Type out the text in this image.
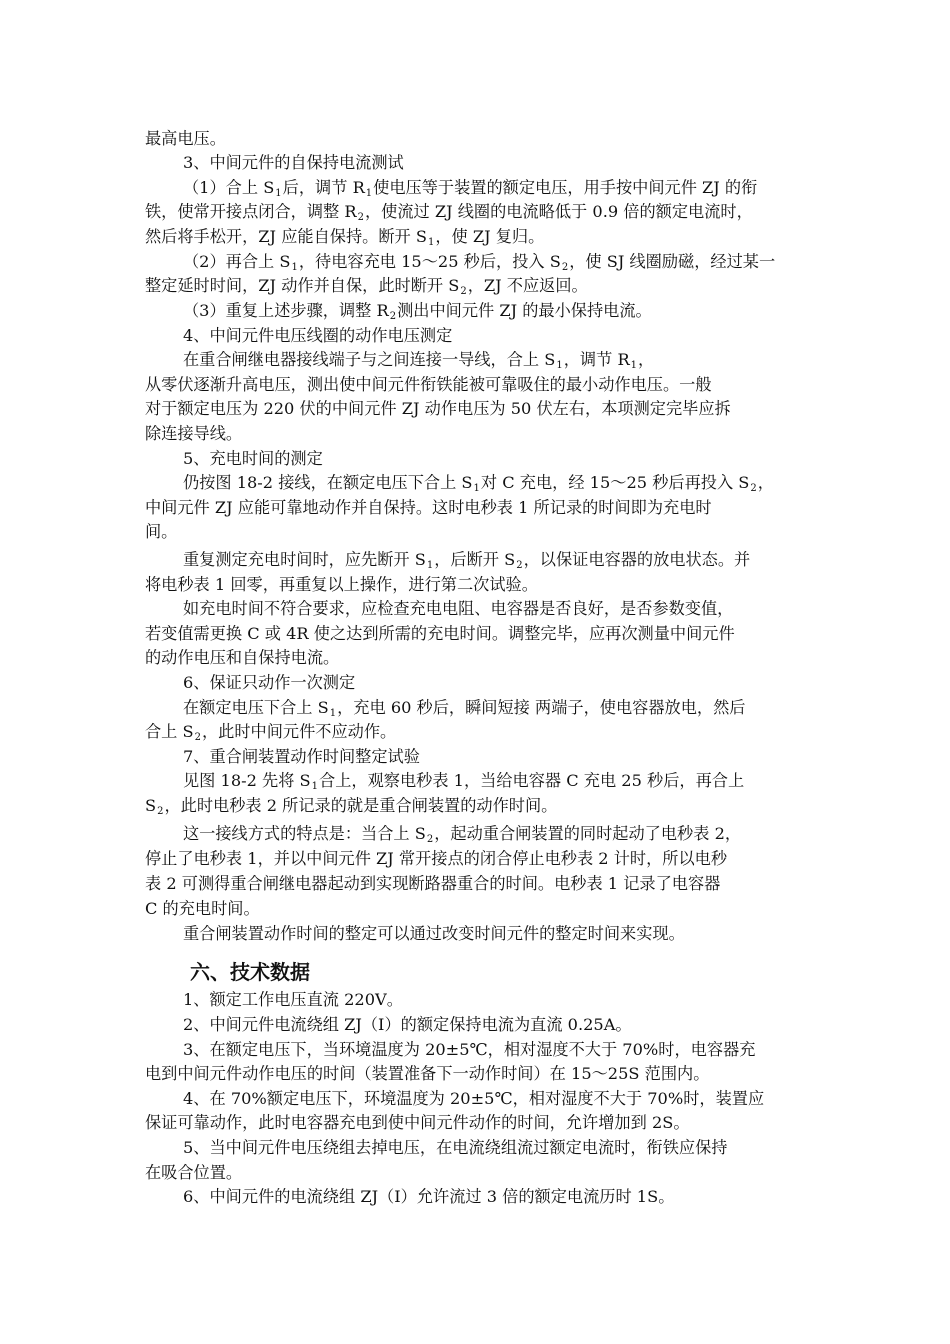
最高电压。
3、中间元件的自保持电流测试
（1）合上 S1后，调节 R1使电压等于装置的额定电压，用手按中间元件 ZJ 的衔
铁，使常开接点闭合，调整 R2，使流过 ZJ 线圈的电流略低于 0.9 倍的额定电流时，
然后将手松开，ZJ 应能自保持。断开 S1，使 ZJ 复归。
（2）再合上 S1，待电容充电 15～25 秒后，投入 S2，使 SJ 线圈励磁，经过某一
整定延时时间，ZJ 动作并自保，此时断开 S2，ZJ 不应返回。
（3）重复上述步骤，调整 R2测出中间元件 ZJ 的最小保持电流。
4、中间元件电压线圈的动作电压测定
在重合闸继电器接线端子与之间连接一导线，合上 S1，调节 R1，
从零伏逐渐升高电压，测出使中间元件衔铁能被可靠吸住的最小动作电压。一般
对于额定电压为 220 伏的中间元件 ZJ 动作电压为 50 伏左右，本项测定完毕应拆
除连接导线。
5、充电时间的测定
仍按图 18-2 接线，在额定电压下合上 S1对 C 充电，经 15～25 秒后再投入 S2，
中间元件 ZJ 应能可靠地动作并自保持。这时电秒表 1 所记录的时间即为充电时
间。
重复测定充电时间时，应先断开 S1，后断开 S2，以保证电容器的放电状态。并
将电秒表 1 回零，再重复以上操作，进行第二次试验。
如充电时间不符合要求，应检查充电电阻、电容器是否良好，是否参数变值，
若变值需更换 C 或 4R 使之达到所需的充电时间。调整完毕，应再次测量中间元件
的动作电压和自保持电流。
6、保证只动作一次测定
在额定电压下合上 S1，充电 60 秒后，瞬间短接 两端子，使电容器放电，然后
合上 S2，此时中间元件不应动作。
7、重合闸装置动作时间整定试验
见图 18-2 先将 S1合上，观察电秒表 1，当给电容器 C 充电 25 秒后，再合上
S2，此时电秒表 2 所记录的就是重合闸装置的动作时间。
这一接线方式的特点是：当合上 S2，起动重合闸装置的同时起动了电秒表 2，
停止了电秒表 1，并以中间元件 ZJ 常开接点的闭合停止电秒表 2 计时，所以电秒
表 2 可测得重合闸继电器起动到实现断路器重合的时间。电秒表 1 记录了电容器
C 的充电时间。
重合闸装置动作时间的整定可以通过改变时间元件的整定时间来实现。
六、技术数据
1、额定工作电压直流 220V。
2、中间元件电流绕组 ZJ（I）的额定保持电流为直流 0.25A。
3、在额定电压下，当环境温度为 20±5℃，相对湿度不大于 70%时，电容器充
电到中间元件动作电压的时间（装置准备下一动作时间）在 15～25S 范围内。
4、在 70%额定电压下，环境温度为 20±5℃，相对湿度不大于 70%时，装置应
保证可靠动作，此时电容器充电到使中间元件动作的时间，允许增加到 2S。
5、当中间元件电压绕组去掉电压，在电流绕组流过额定电流时，衔铁应保持
在吸合位置。
6、中间元件的电流绕组 ZJ（I）允许流过 3 倍的额定电流历时 1S。
